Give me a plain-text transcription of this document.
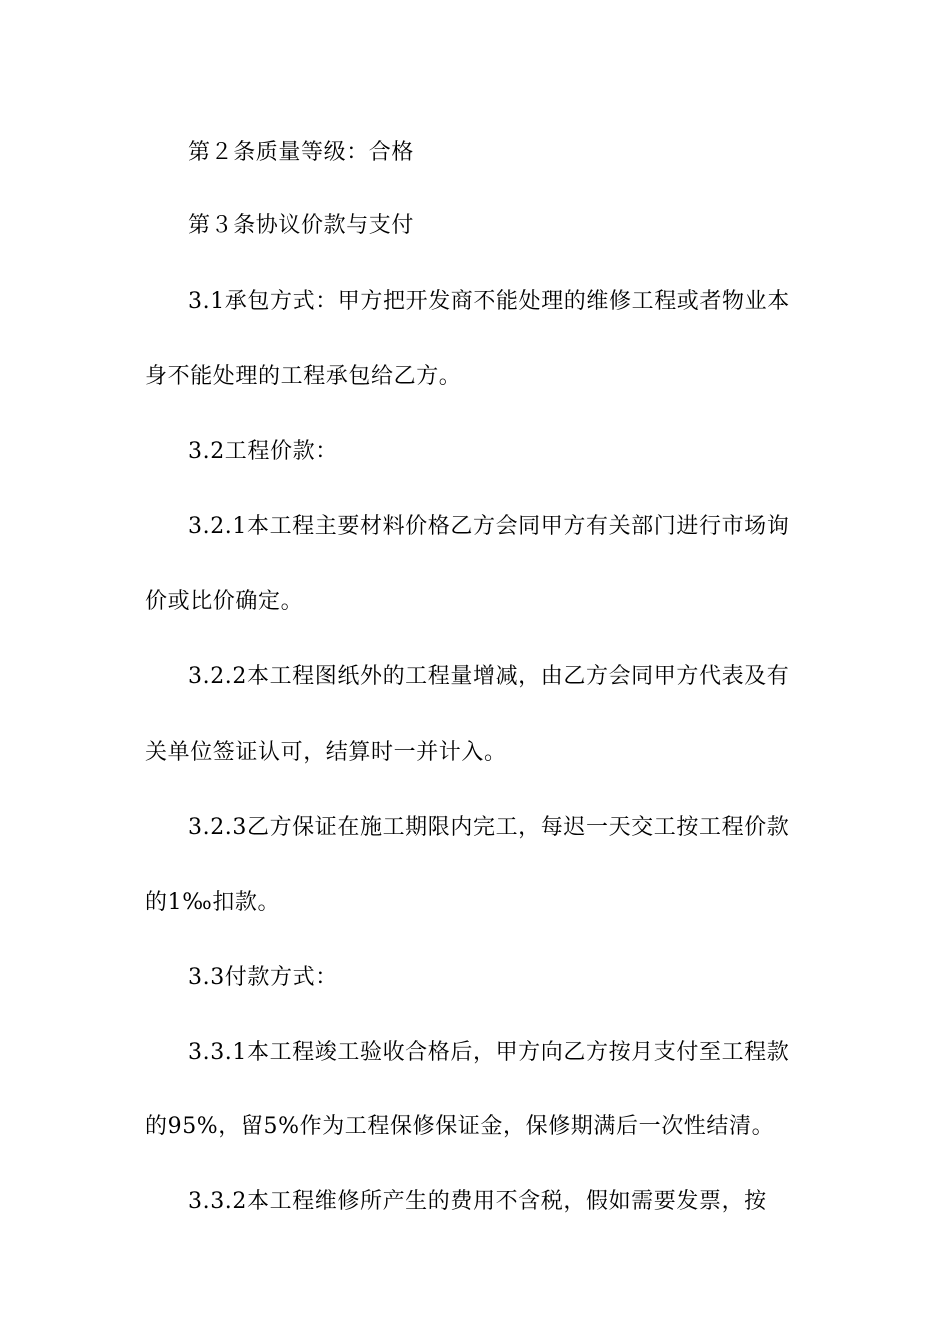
第２条质量等级：合格
第３条协议价款与支付
3.1承包方式：甲方把开发商不能处理的维修工程或者物业本
身不能处理的工程承包给乙方。
3.2工程价款：
3.2.1本工程主要材料价格乙方会同甲方有关部门进行市场询
价或比价确定。
3.2.2本工程图纸外的工程量增减，由乙方会同甲方代表及有
关单位签证认可，结算时一并计入。
3.2.3乙方保证在施工期限内完工，每迟一天交工按工程价款
的1‰扣款。
3.3付款方式：
3.3.1本工程竣工验收合格后，甲方向乙方按月支付至工程款
的95%，留5%作为工程保修保证金，保修期满后一次性结清。
3.3.2本工程维修所产生的费用不含税，假如需要发票，按
